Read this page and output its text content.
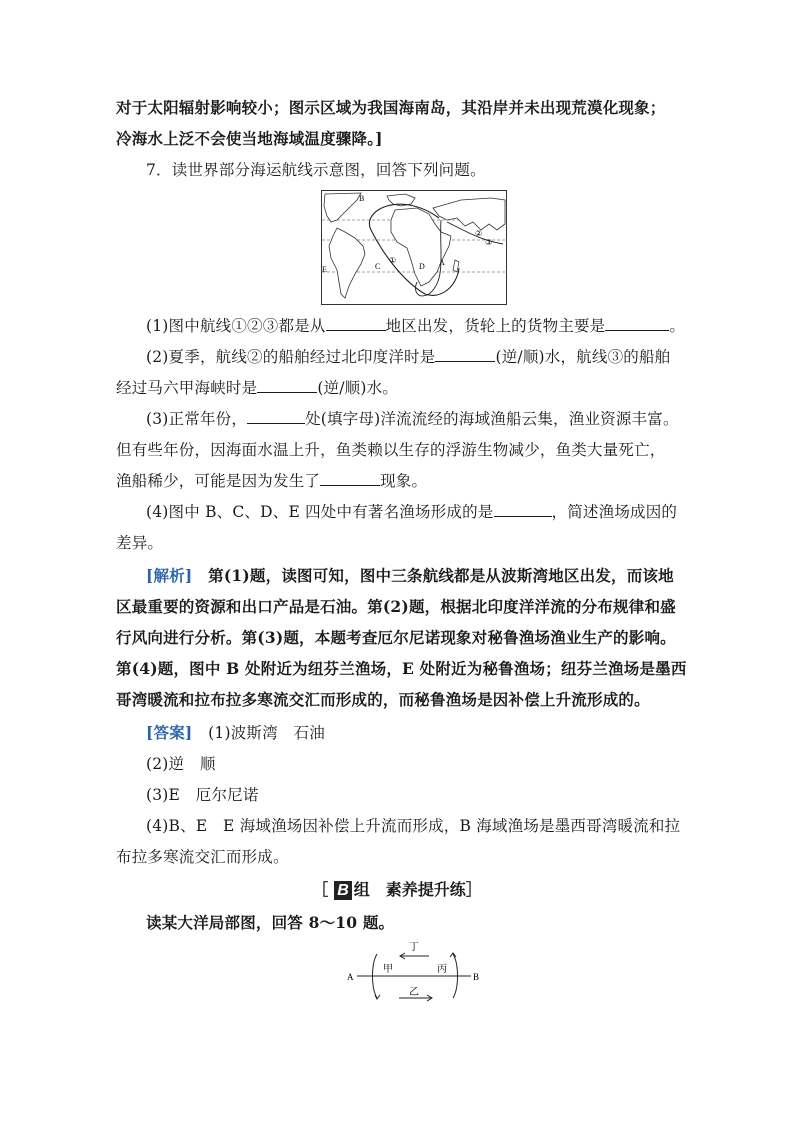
对于太阳辐射影响较小；图示区域为我国海南岛，其沿岸并未出现荒漠化现象；
冷海水上泛不会使当地海域温度骤降。]
7．读世界部分海运航线示意图，回答下列问题。
B
E	C
①
D A
②
③
(1)图中航线①②③都是从	地区出发，货轮上的货物主要是	。
(2)夏季，航线②的船舶经过北印度洋时是	(逆/顺)水，航线③的船舶
经过马六甲海峡时是	(逆/顺)水。
(3)正常年份，	处(填字母)洋流流经的海域渔船云集，渔业资源丰富。
但有些年份，因海面水温上升，鱼类赖以生存的浮游生物减少，鱼类大量死亡，
渔船稀少，可能是因为发生了	现象。
(4)图中 B、C、D、E 四处中有著名渔场形成的是	，简述渔场成因的
差异。
[解析]　第(1)题，读图可知，图中三条航线都是从波斯湾地区出发，而该地
区最重要的资源和出口产品是石油。第(2)题，根据北印度洋洋流的分布规律和盛
行风向进行分析。第(3)题，本题考查厄尔尼诺现象对秘鲁渔场渔业生产的影响。
第(4)题，图中 B 处附近为纽芬兰渔场，E 处附近为秘鲁渔场；纽芬兰渔场是墨西
哥湾暖流和拉布拉多寒流交汇而形成的，而秘鲁渔场是因补偿上升流形成的。
[答案]　(1)波斯湾　石油
(2)逆　顺
(3)E　厄尔尼诺
(4)B、E　E 海域渔场因补偿上升流而形成，B 海域渔场是墨西哥湾暖流和拉
布拉多寒流交汇而形成。
［ B 组　素养提升练］
读某大洋局部图，回答 8～10 题。
A	B
甲	丙
丁
乙
